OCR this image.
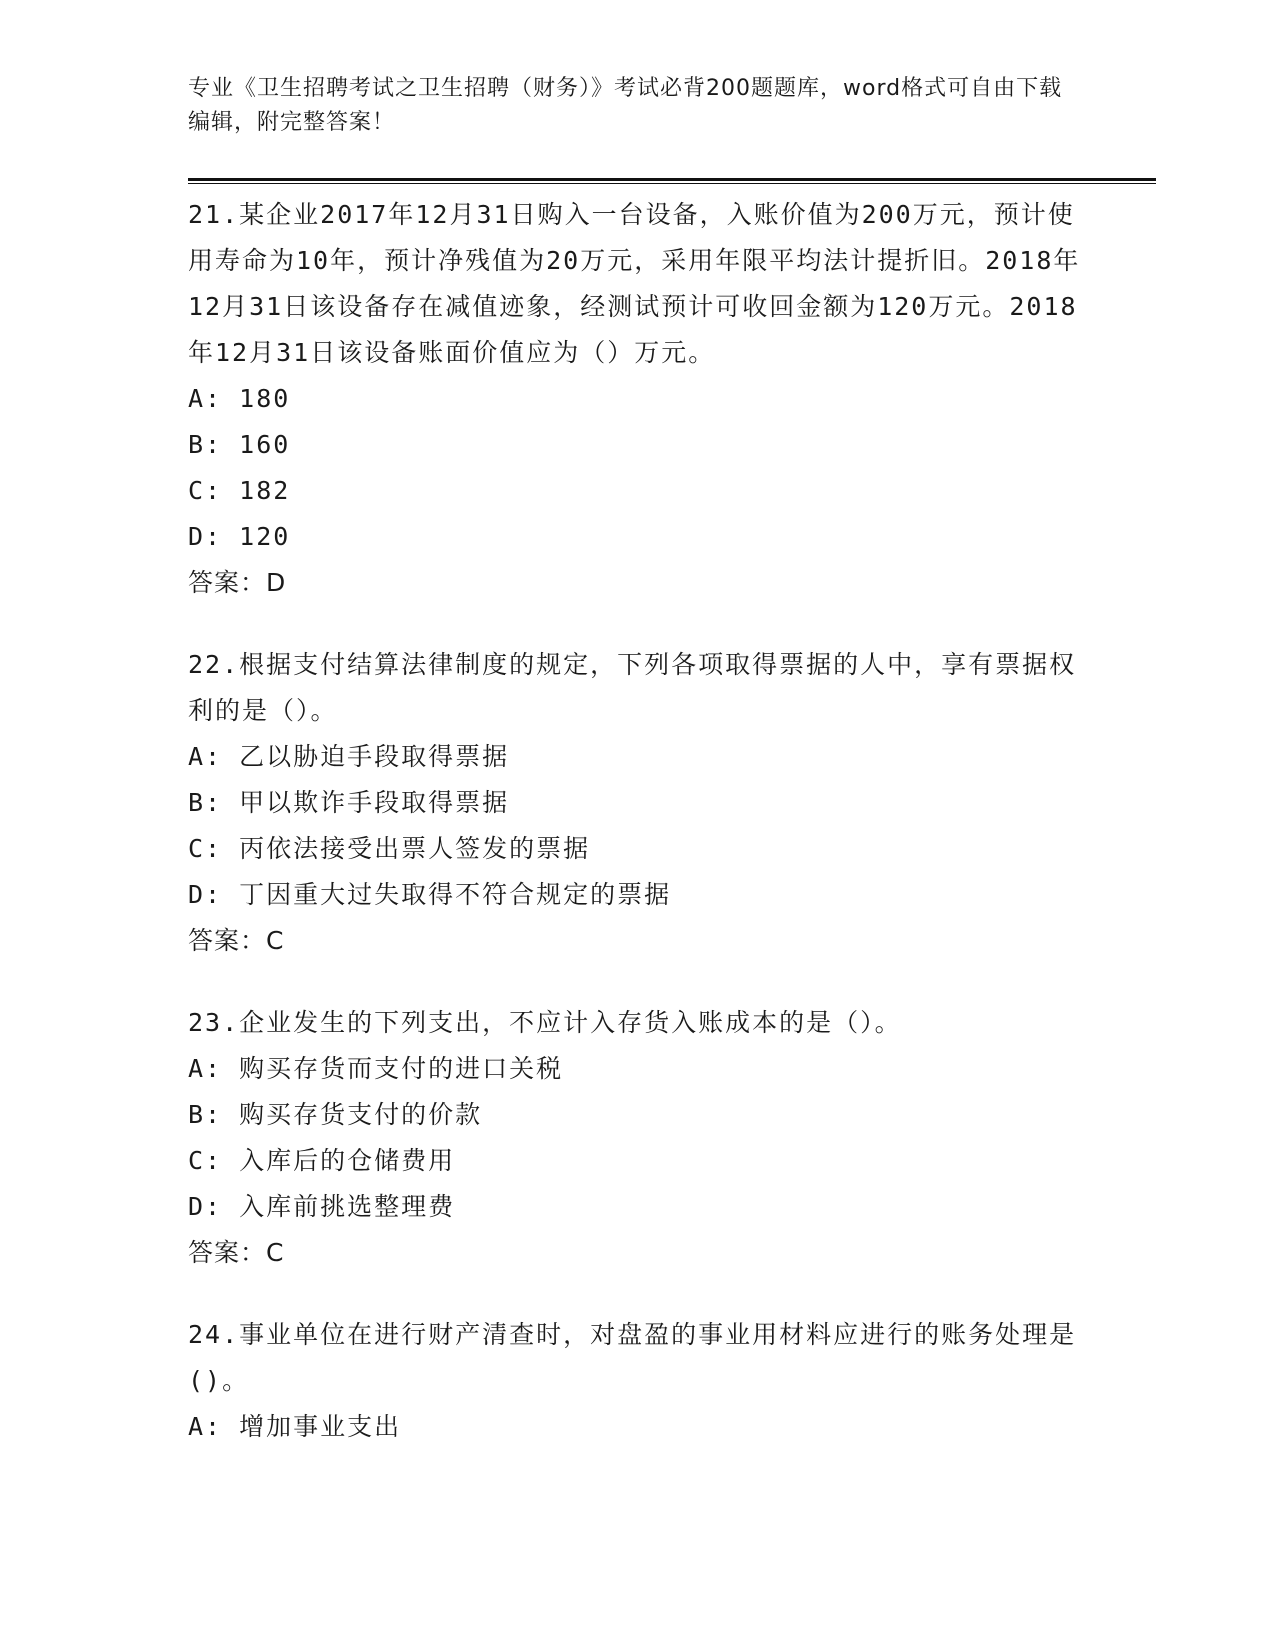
专业《卫生招聘考试之卫生招聘（财务）》考试必背200题题库，word格式可自由下载编辑，附完整答案！

21.某企业2017年12月31日购入一台设备，入账价值为200万元，预计使用寿命为10年，预计净残值为20万元，采用年限平均法计提折旧。2018年12月31日该设备存在减值迹象，经测试预计可收回金额为120万元。2018年12月31日该设备账面价值应为（）万元。

A: 180

B: 160

C: 182

D: 120

答案：D

22.根据支付结算法律制度的规定，下列各项取得票据的人中，享有票据权利的是（）。

A: 乙以胁迫手段取得票据

B: 甲以欺诈手段取得票据

C: 丙依法接受出票人签发的票据

D: 丁因重大过失取得不符合规定的票据

答案：C

23.企业发生的下列支出，不应计入存货入账成本的是（）。

A: 购买存货而支付的进口关税

B: 购买存货支付的价款

C: 入库后的仓储费用

D: 入库前挑选整理费

答案：C

24.事业单位在进行财产清查时，对盘盈的事业用材料应进行的账务处理是()。

A: 增加事业支出
